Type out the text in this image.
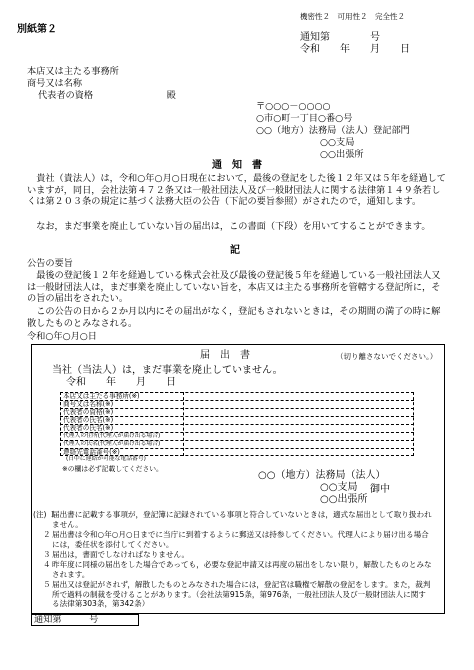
機密性２　可用性２　完全性２
別紙第２
通知第　　　　号
令和　　年　　月　　日
本店又は主たる事務所
商号又は名称
代表者の資格　　　　　　　　殿
〒○○○－○○○○
○市○町一丁目○番○号
○○（地方）法務局（法人）登記部門
○○支局
○○出張所
通　知　書
貴社（貴法人）は，令和○年○月○日現在において，最後の登記をした後１２年又は５年を経過していますが，同日，会社法第４７２条又は一般社団法人及び一般財団法人に関する法律第１４９条若しくは第２０３条の規定に基づく法務大臣の公告（下記の要旨参照）がされたので，通知します。
なお，まだ事業を廃止していない旨の届出は，この書面（下段）を用いてすることができます。
記
公告の要旨
最後の登記後１２年を経過している株式会社及び最後の登記後５年を経過している一般社団法人又は一般財団法人は，まだ事業を廃止していない旨を，本店又は主たる事務所を管轄する登記所に，その旨の届出をされたい。
この公告の日から２か月以内にその届出がなく，登記もされないときは，その期間の満了の時に解散したものとみなされる。
令和○年○月○日
届　出　書	（切り離さないでください。）
当社（当法人）は，まだ事業を廃止していません。
令和　　年　　月　　日
本店又は主たる事務所(※)
商号又は名称(※)
代表者の資格(※)
代表者の氏名(※)
代表者の氏名(※)
代理人の住所(代理人が届け出る場合)
代理人の氏名(代理人が届け出る場合)
連絡先電話番号(※)
(日中に連絡が可能な電話番号)
※の欄は必ず記載してください。
○○（地方）法務局（法人）
○○支局 御中
○○出張所
(注) １
届出書に記載する事項が，登記簿に記録されている事項と符合していないときは，適式な届出として取り扱われません。
２ 届出書は令和○年○月○日までに当庁に到着するように郵送又は持参してください。代理人により届け出る場合には，委任状を添付してください。
３ 届出は，書面でしなければなりません。
４ 昨年度に同様の届出をした場合であっても，必要な登記申請又は再度の届出をしない限り，解散したものとみなされます。
５ 届出又は登記がされず，解散したものとみなされた場合には，登記官は職権で解散の登記をします。また，裁判所で過料の制裁を受けることがあります。（会社法第915条，第976条，一般社団法人及び一般財団法人に関する法律第303条，第342条）
通知第　　　号
